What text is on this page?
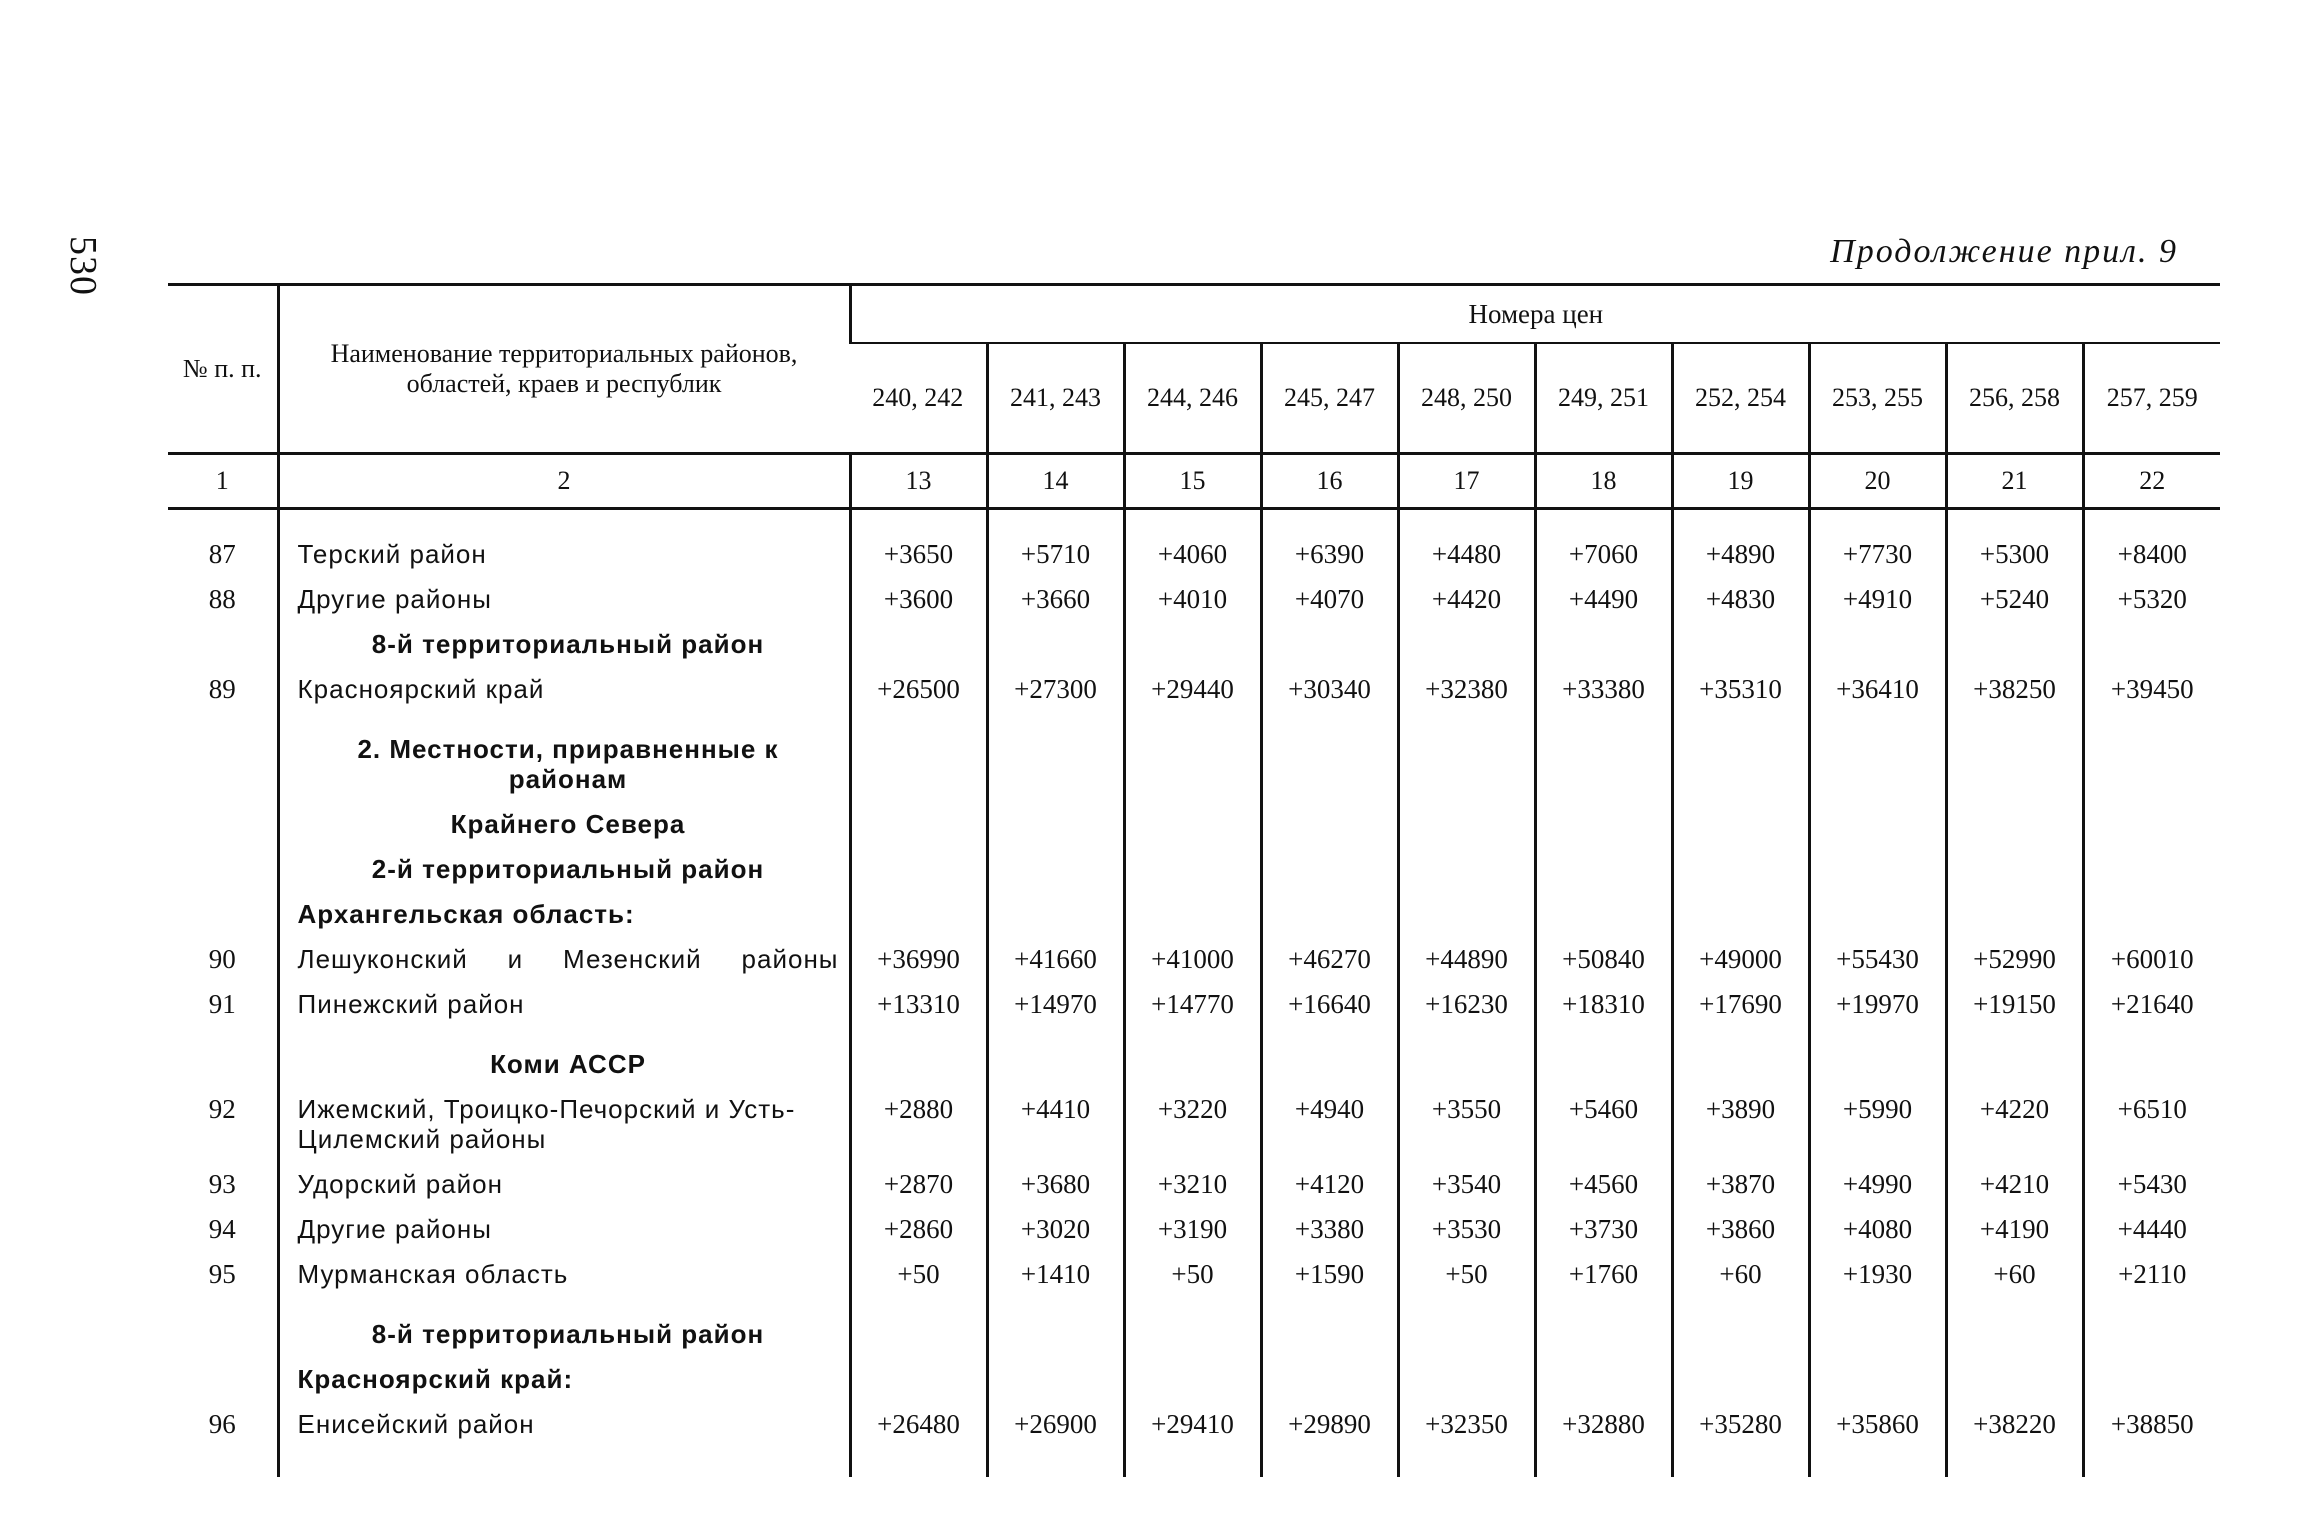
530	Продолжение прил. 9
№ п. п.	Наименование территориальных районов, областей, краев и республик	Номера цен									
		240, 242	241, 243	244, 246	245, 247	248, 250	249, 251	252, 254	253, 255	256, 258	257, 259
1	2	13	14	15	16	17	18	19	20	21	22

87	Терский район	+3650	+5710	+4060	+6390	+4480	+7060	+4890	+7730	+5300	+8400
88	Другие районы	+3600	+3660	+4010	+4070	+4420	+4490	+4830	+4910	+5240	+5320
	8-й территориальный район										
89	Красноярский край	+26500	+27300	+29440	+30340	+32380	+33380	+35310	+36410	+38250	+39450
	2. Местности, приравненные к районам										
	Крайнего Севера										
	2-й территориальный район										
	Архангельская область:										
90	Лешуконский и Мезенский районы	+36990	+41660	+41000	+46270	+44890	+50840	+49000	+55430	+52990	+60010
91	Пинежский район	+13310	+14970	+14770	+16640	+16230	+18310	+17690	+19970	+19150	+21640
	Коми АССР										
92	Ижемский, Троицко-Печорский и Усть-Цилемский районы	+2880	+4410	+3220	+4940	+3550	+5460	+3890	+5990	+4220	+6510
93	Удорский район	+2870	+3680	+3210	+4120	+3540	+4560	+3870	+4990	+4210	+5430
94	Другие районы	+2860	+3020	+3190	+3380	+3530	+3730	+3860	+4080	+4190	+4440
95	Мурманская область	+50	+1410	+50	+1590	+50	+1760	+60	+1930	+60	+2110
	8-й территориальный район										
	Красноярский край:										
96	Енисейский район	+26480	+26900	+29410	+29890	+32350	+32880	+35280	+35860	+38220	+38850
